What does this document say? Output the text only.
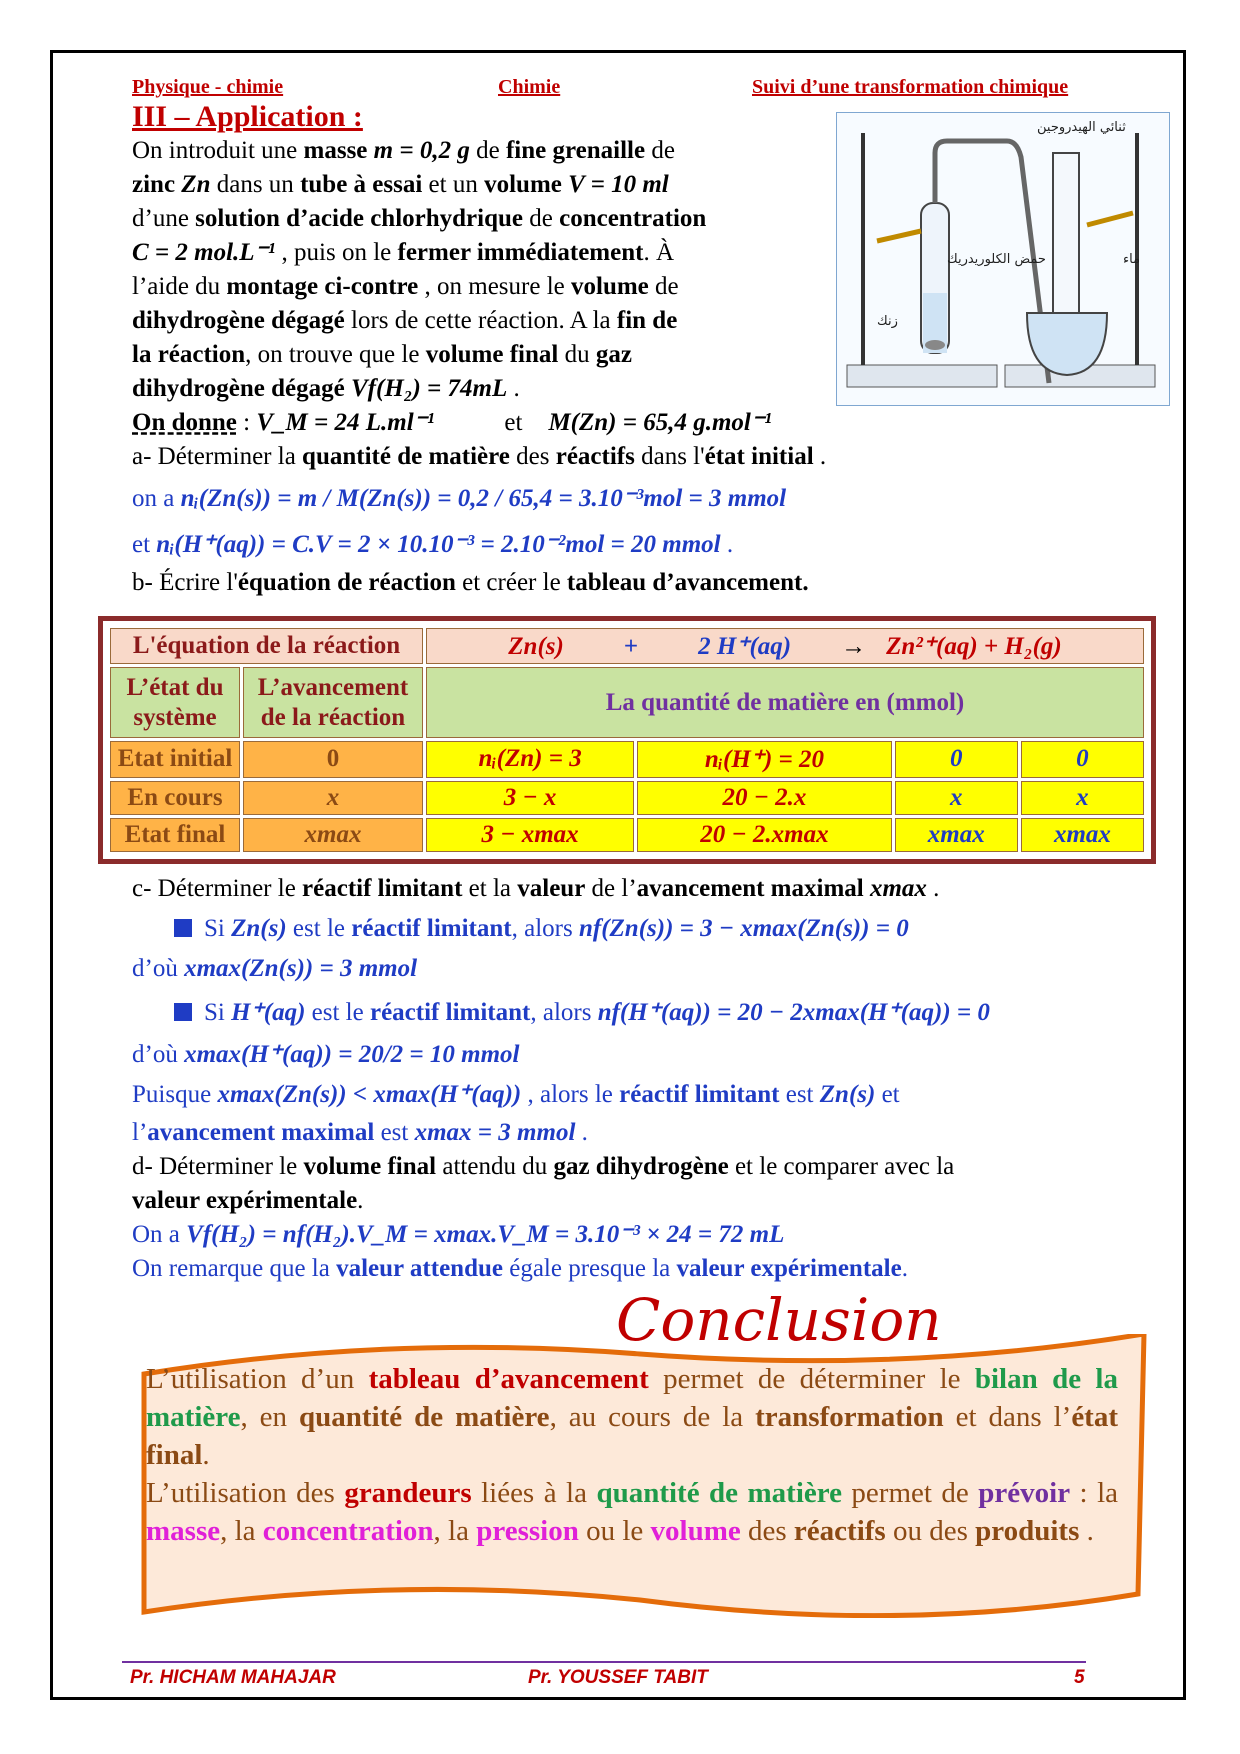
Physique - chimie	Chimie	Suivi d’une transformation chimique
III – Application :
On introduit une masse m = 0,2 g de fine grenaille de
zinc Zn dans un tube à essai et un volume V = 10 ml
d’une solution d’acide chlorhydrique de concentration
C = 2 mol.L⁻¹ , puis on le fermer immédiatement. À
l’aide du montage ci-contre , on mesure le volume de
dihydrogène dégagé lors de cette réaction. A la fin de
la réaction, on trouve que le volume final du gaz
dihydrogène dégagé Vf(H₂) = 74mL .
On donne : V_M = 24 L.ml⁻¹	et M(Zn) = 65,4 g.mol⁻¹
a- Déterminer la quantité de matière des réactifs dans l'état initial .
on a nᵢ(Zn(s)) = m / M(Zn(s)) = 0,2 / 65,4 = 3.10⁻³mol = 3 mmol
et nᵢ(H⁺(aq)) = C.V = 2 × 10.10⁻³ = 2.10⁻²mol = 20 mmol .
b- Écrire l'équation de réaction et créer le tableau d’avancement.
ثنائي الهيدروجين
حمض الكلوريدريك	ماء
زنك
L'équation de la réaction		Zn(s) + 2 H⁺(aq) → Zn²⁺(aq) + H₂(g)			
L’état du système	L’avancement de la réaction	La quantité de matière en (mmol)			
Etat initial	0	nᵢ(Zn) = 3	nᵢ(H⁺) = 20	0	0
En cours	x	3 − x	20 − 2.x	x	x
Etat final	xmax	3 − xmax	20 − 2.xmax	xmax	xmax
c- Déterminer le réactif limitant et la valeur de l’avancement maximal xmax .
Si Zn(s) est le réactif limitant, alors nf(Zn(s)) = 3 − xmax(Zn(s)) = 0
d’où xmax(Zn(s)) = 3 mmol
Si H⁺(aq) est le réactif limitant, alors nf(H⁺(aq)) = 20 − 2xmax(H⁺(aq)) = 0
d’où xmax(H⁺(aq)) = 20/2 = 10 mmol
Puisque xmax(Zn(s)) < xmax(H⁺(aq)) , alors le réactif limitant est Zn(s) et
l’avancement maximal est xmax = 3 mmol .
d- Déterminer le volume final attendu du gaz dihydrogène et le comparer avec la
valeur expérimentale.
On a Vf(H₂) = nf(H₂).V_M = xmax.V_M = 3.10⁻³ × 24 = 72 mL
On remarque que la valeur attendue égale presque la valeur expérimentale.
Conclusion
L’utilisation d’un tableau d’avancement permet de déterminer le bilan de la matière, en quantité de matière, au cours de la transformation et dans l’état final.
L’utilisation des grandeurs liées à la quantité de matière permet de prévoir : la masse, la concentration, la pression ou le volume des réactifs ou des produits .
Pr. HICHAM MAHAJAR	Pr. YOUSSEF TABIT	5
